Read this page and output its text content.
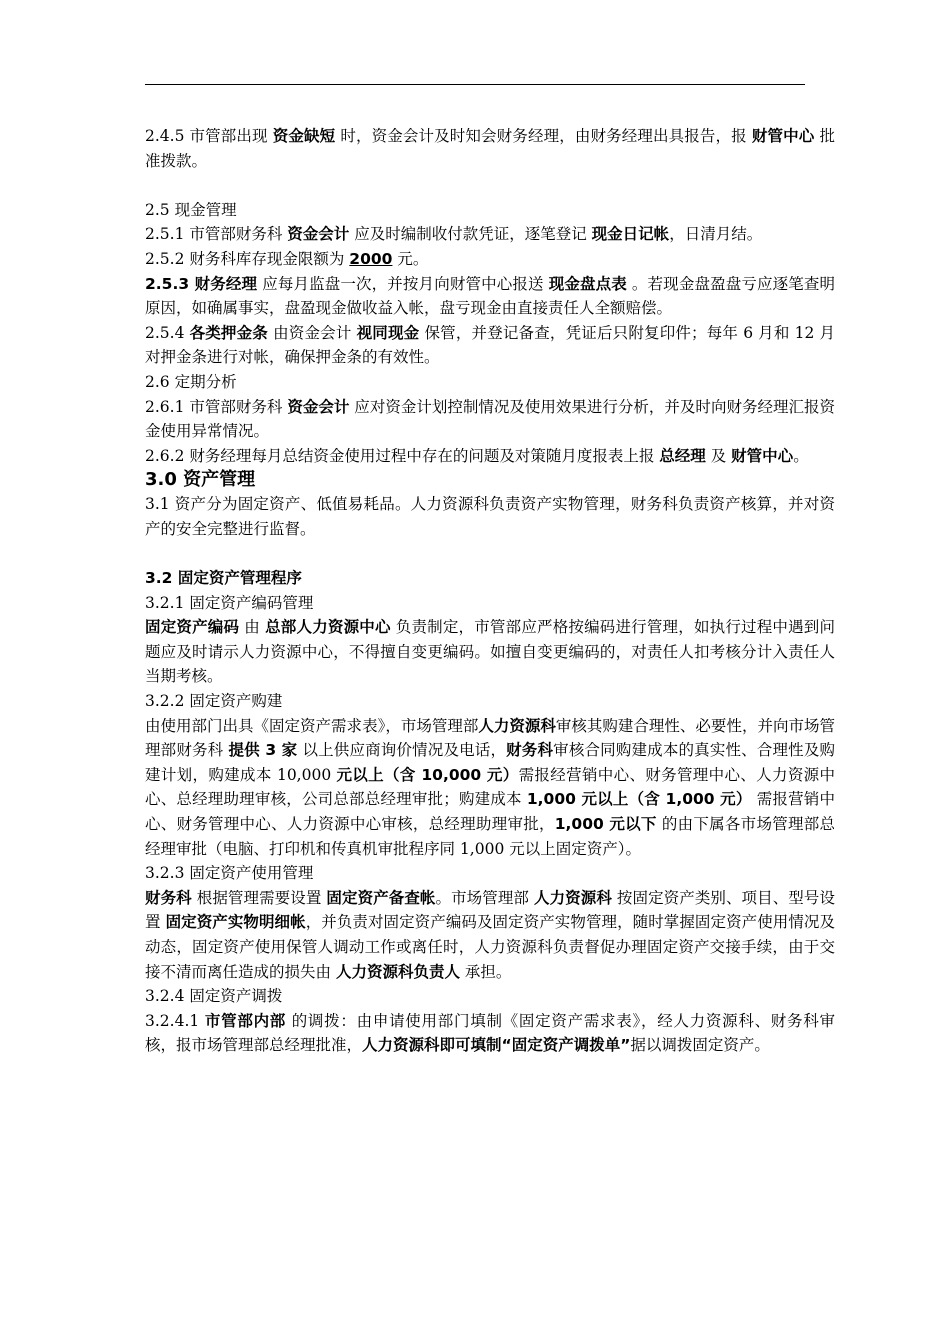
2.4.5 市管部出现 资金缺短 时，资金会计及时知会财务经理，由财务经理出具报告，报 财管中心 批准拨款。

2.5 现金管理

2.5.1 市管部财务科 资金会计 应及时编制收付款凭证，逐笔登记 现金日记帐，日清月结。

2.5.2 财务科库存现金限额为 2000 元。

2.5.3 财务经理 应每月监盘一次，并按月向财管中心报送 现金盘点表 。若现金盘盈盘亏应逐笔查明原因，如确属事实，盘盈现金做收益入帐，盘亏现金由直接责任人全额赔偿。

2.5.4 各类押金条 由资金会计 视同现金 保管，并登记备查，凭证后只附复印件；每年 6 月和 12 月对押金条进行对帐，确保押金条的有效性。

2.6 定期分析

2.6.1 市管部财务科 资金会计 应对资金计划控制情况及使用效果进行分析，并及时向财务经理汇报资金使用异常情况。

2.6.2 财务经理每月总结资金使用过程中存在的问题及对策随月度报表上报 总经理 及 财管中心。

3.0 资产管理

3.1 资产分为固定资产、低值易耗品。人力资源科负责资产实物管理，财务科负责资产核算，并对资产的安全完整进行监督。

3.2 固定资产管理程序

3.2.1 固定资产编码管理

固定资产编码 由 总部人力资源中心 负责制定，市管部应严格按编码进行管理，如执行过程中遇到问题应及时请示人力资源中心，不得擅自变更编码。如擅自变更编码的，对责任人扣考核分计入责任人当期考核。

3.2.2 固定资产购建

由使用部门出具《固定资产需求表》，市场管理部人力资源科审核其购建合理性、必要性，并向市场管理部财务科 提供 3 家 以上供应商询价情况及电话，财务科审核合同购建成本的真实性、合理性及购建计划，购建成本 10,000 元以上（含 10,000 元）需报经营销中心、财务管理中心、人力资源中心、总经理助理审核，公司总部总经理审批；购建成本 1,000 元以上（含 1,000 元） 需报营销中心、财务管理中心、人力资源中心审核，总经理助理审批，1,000 元以下 的由下属各市场管理部总经理审批（电脑、打印机和传真机审批程序同 1,000 元以上固定资产）。

3.2.3 固定资产使用管理

财务科 根据管理需要设置 固定资产备查帐。市场管理部 人力资源科 按固定资产类别、项目、型号设置 固定资产实物明细帐，并负责对固定资产编码及固定资产实物管理，随时掌握固定资产使用情况及动态，固定资产使用保管人调动工作或离任时，人力资源科负责督促办理固定资产交接手续，由于交接不清而离任造成的损失由 人力资源科负责人 承担。

3.2.4 固定资产调拨

3.2.4.1 市管部内部 的调拨：由申请使用部门填制《固定资产需求表》，经人力资源科、财务科审核，报市场管理部总经理批准，人力资源科即可填制“固定资产调拨单”据以调拨固定资产。
